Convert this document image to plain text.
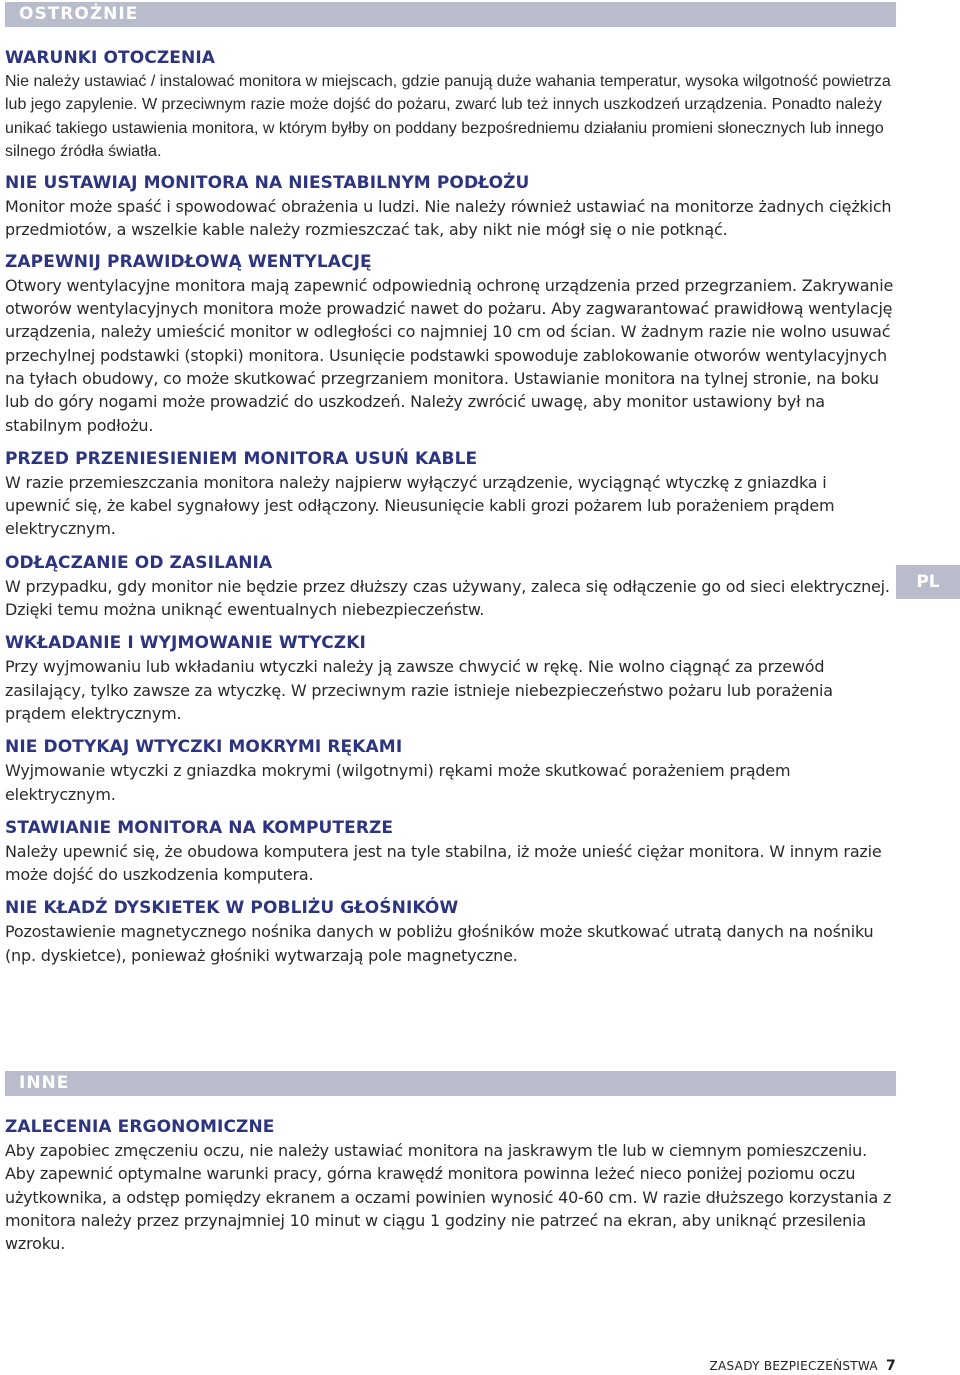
OSTROŻNIE
WARUNKI OTOCZENIA

Nie należy ustawiać / instalować monitora w miejscach, gdzie panują duże wahania temperatur, wysoka wilgotność powietrza lub jego zapylenie. W przeciwnym razie może dojść do pożaru, zwarć lub też innych uszkodzeń urządzenia. Ponadto należy unikać takiego ustawienia monitora, w którym byłby on poddany bezpośredniemu działaniu promieni słonecznych lub innego silnego źródła światła.

NIE USTAWIAJ MONITORA NA NIESTABILNYM PODŁOŻU

Monitor może spaść i spowodować obrażenia u ludzi. Nie należy również ustawiać na monitorze żadnych ciężkich przedmiotów, a wszelkie kable należy rozmieszczać tak, aby nikt nie mógł się o nie potknąć.

ZAPEWNIJ PRAWIDŁOWĄ WENTYLACJĘ

Otwory wentylacyjne monitora mają zapewnić odpowiednią ochronę urządzenia przed przegrzaniem. Zakrywanie otworów wentylacyjnych monitora może prowadzić nawet do pożaru. Aby zagwarantować prawidłową wentylację urządzenia, należy umieścić monitor w odległości co najmniej 10 cm od ścian. W żadnym razie nie wolno usuwać przechylnej podstawki (stopki) monitora. Usunięcie podstawki spowoduje zablokowanie otworów wentylacyjnych na tyłach obudowy, co może skutkować przegrzaniem monitora. Ustawianie monitora na tylnej stronie, na boku lub do góry nogami może prowadzić do uszkodzeń. Należy zwrócić uwagę, aby monitor ustawiony był na stabilnym podłożu.

PRZED PRZENIESIENIEM MONITORA USUŃ KABLE

W razie przemieszczania monitora należy najpierw wyłączyć urządzenie, wyciągnąć wtyczkę z gniazdka i upewnić się, że kabel sygnałowy jest odłączony. Nieusunięcie kabli grozi pożarem lub porażeniem prądem elektrycznym.

ODŁĄCZANIE OD ZASILANIA

W przypadku, gdy monitor nie będzie przez dłuższy czas używany, zaleca się odłączenie go od sieci elektrycznej. Dzięki temu można uniknąć ewentualnych niebezpieczeństw.

WKŁADANIE I WYJMOWANIE WTYCZKI

Przy wyjmowaniu lub wkładaniu wtyczki należy ją zawsze chwycić w rękę. Nie wolno ciągnąć za przewód zasilający, tylko zawsze za wtyczkę. W przeciwnym razie istnieje niebezpieczeństwo pożaru lub porażenia prądem elektrycznym.

NIE DOTYKAJ WTYCZKI MOKRYMI RĘKAMI

Wyjmowanie wtyczki z gniazdka mokrymi (wilgotnymi) rękami może skutkować porażeniem prądem elektrycznym.

STAWIANIE MONITORA NA KOMPUTERZE

Należy upewnić się, że obudowa komputera jest na tyle stabilna, iż może unieść ciężar monitora. W innym razie może dojść do uszkodzenia komputera.

NIE KŁADŹ DYSKIETEK W POBLIŻU GŁOŚNIKÓW

Pozostawienie magnetycznego nośnika danych w pobliżu głośników może skutkować utratą danych na nośniku (np. dyskietce), ponieważ głośniki wytwarzają pole magnetyczne.

PL
INNE
ZALECENIA ERGONOMICZNE

Aby zapobiec zmęczeniu oczu, nie należy ustawiać monitora na jaskrawym tle lub w ciemnym pomieszczeniu. Aby zapewnić optymalne warunki pracy, górna krawędź monitora powinna leżeć nieco poniżej poziomu oczu użytkownika, a odstęp pomiędzy ekranem a oczami powinien wynosić 40-60 cm. W razie dłuższego korzystania z monitora należy przez przynajmniej 10 minut w ciągu 1 godziny nie patrzeć na ekran, aby uniknąć przesilenia wzroku.

ZASADY BEZPIECZEŃSTWA 7
